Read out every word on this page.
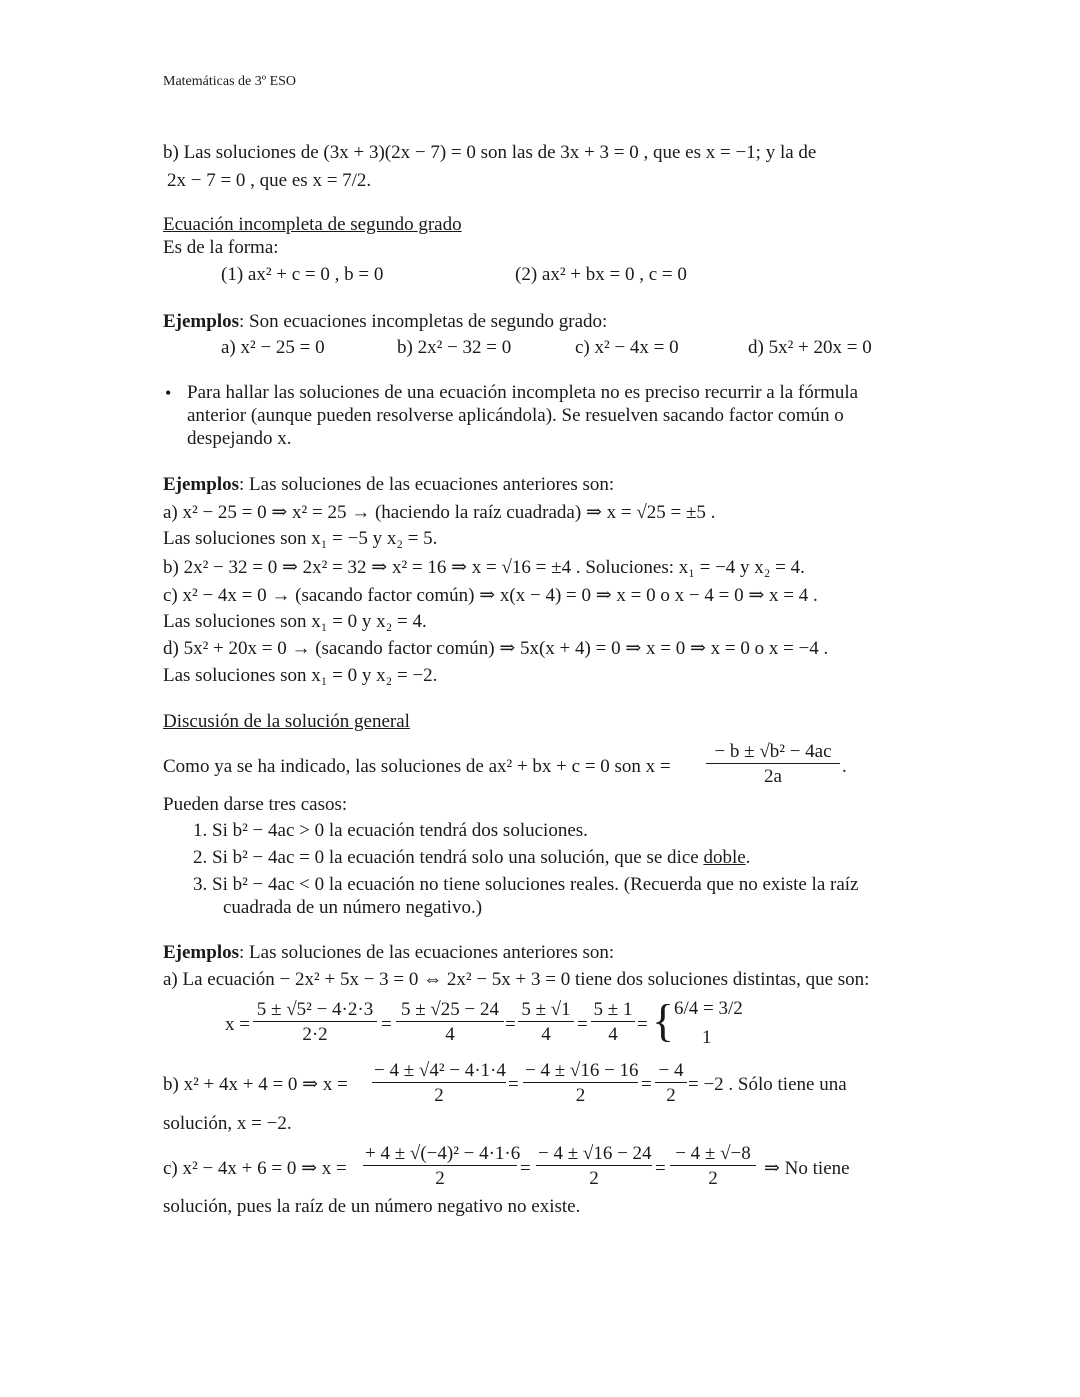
Matemáticas de 3º ESO
b) Las soluciones de (3x + 3)(2x − 7) = 0 son las de 3x + 3 = 0 , que es x = −1; y la de
2x − 7 = 0 , que es x = 7/2.
Ecuación incompleta de segundo grado
Es de la forma:
(1) ax² + c = 0 , b = 0	(2) ax² + bx = 0 , c = 0
Ejemplos: Son ecuaciones incompletas de segundo grado:
a) x² − 25 = 0	b) 2x² − 32 = 0	c) x² − 4x = 0	d) 5x² + 20x = 0
• Para hallar las soluciones de una ecuación incompleta no es preciso recurrir a la fórmula
anterior (aunque pueden resolverse aplicándola). Se resuelven sacando factor común o
despejando x.
Ejemplos: Las soluciones de las ecuaciones anteriores son:
a) x² − 25 = 0 ⇒ x² = 25 → (haciendo la raíz cuadrada) ⇒ x = √25 = ±5 .
Las soluciones son x₁ = −5 y x₂ = 5.
b) 2x² − 32 = 0 ⇒ 2x² = 32 ⇒ x² = 16 ⇒ x = √16 = ±4 . Soluciones: x₁ = −4 y x₂ = 4.
c) x² − 4x = 0 → (sacando factor común) ⇒ x(x − 4) = 0 ⇒ x = 0 o x − 4 = 0 ⇒ x = 4 .
Las soluciones son x₁ = 0 y x₂ = 4.
d) 5x² + 20x = 0 → (sacando factor común) ⇒ 5x(x + 4) = 0 ⇒ x = 0 ⇒ x = 0 o x = −4 .
Las soluciones son x₁ = 0 y x₂ = −2.
Discusión de la solución general
Como ya se ha indicado, las soluciones de ax² + bx + c = 0 son $x = \frac{\text{− b ± √b² − 4ac}}{2a}$ .
Pueden darse tres casos:
1. Si b² − 4ac > 0 la ecuación tendrá dos soluciones.
2. Si b² − 4ac = 0 la ecuación tendrá solo una solución, que se dice doble.
3. Si b² − 4ac < 0 la ecuación no tiene soluciones reales. (Recuerda que no existe la raíz
cuadrada de un número negativo.)
Ejemplos: Las soluciones de las ecuaciones anteriores son:
a) La ecuación − 2x² + 5x − 3 = 0 ⇔ 2x² − 5x + 3 = 0 tiene dos soluciones distintas, que son:
$x = \frac{\text{5 ± √5² − 4·2·3}}{2\cdot 2} = \frac{5 \pm √25 - 24}{4} = \frac{5 \pm √1}{4} = \frac{5 \pm 1}{4}$ = { 6/4 = 3/2
1
b) x² + 4x + 4 = 0 ⇒ $x = \frac{\text{− 4 ± √4² − 4·1·4}}{2} = \frac{- 4 \pm √16 - 16}{2} = \frac{- 4}{2} = -2$ . Sólo tiene una
solución, x = −2.
c) x² − 4x + 6 = 0 ⇒ $x = \frac{\text{+ 4 ± √(−4)² − 4·1·6}}{2} = \frac{- 4 \pm √16 - 24}{2} = \frac{- 4 \pm √-8}{2}$ ⇒ No tiene
solución, pues la raíz de un número negativo no existe.
